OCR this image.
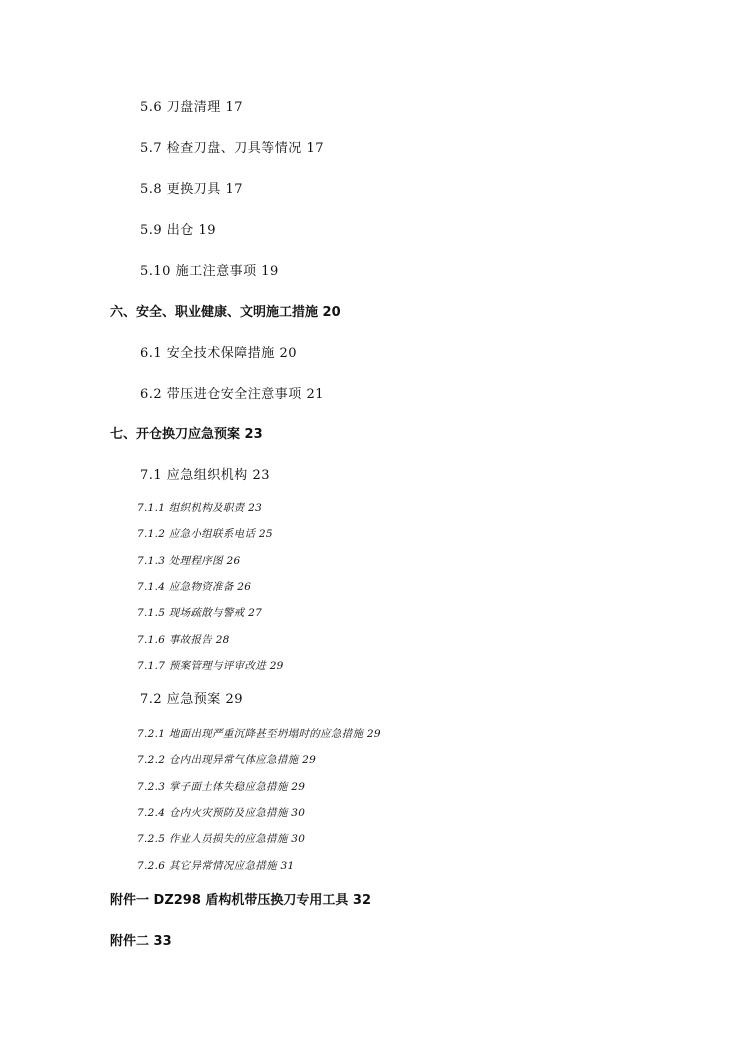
5.6 刀盘清理 17
5.7 检查刀盘、刀具等情况 17
5.8 更换刀具 17
5.9 出仓 19
5.10 施工注意事项 19
六、安全、职业健康、文明施工措施 20
6.1 安全技术保障措施 20
6.2 带压进仓安全注意事项 21
七、开仓换刀应急预案 23
7.1 应急组织机构 23
7.1.1 组织机构及职责 23
7.1.2 应急小组联系电话 25
7.1.3 处理程序图 26
7.1.4 应急物资准备 26
7.1.5 现场疏散与警戒 27
7.1.6 事故报告 28
7.1.7 预案管理与评审改进 29
7.2 应急预案 29
7.2.1 地面出现严重沉降甚至坍塌时的应急措施 29
7.2.2 仓内出现异常气体应急措施 29
7.2.3 掌子面土体失稳应急措施 29
7.2.4 仓内火灾预防及应急措施 30
7.2.5 作业人员损失的应急措施 30
7.2.6 其它异常情况应急措施 31
附件一 DZ298 盾构机带压换刀专用工具 32
附件二 33
